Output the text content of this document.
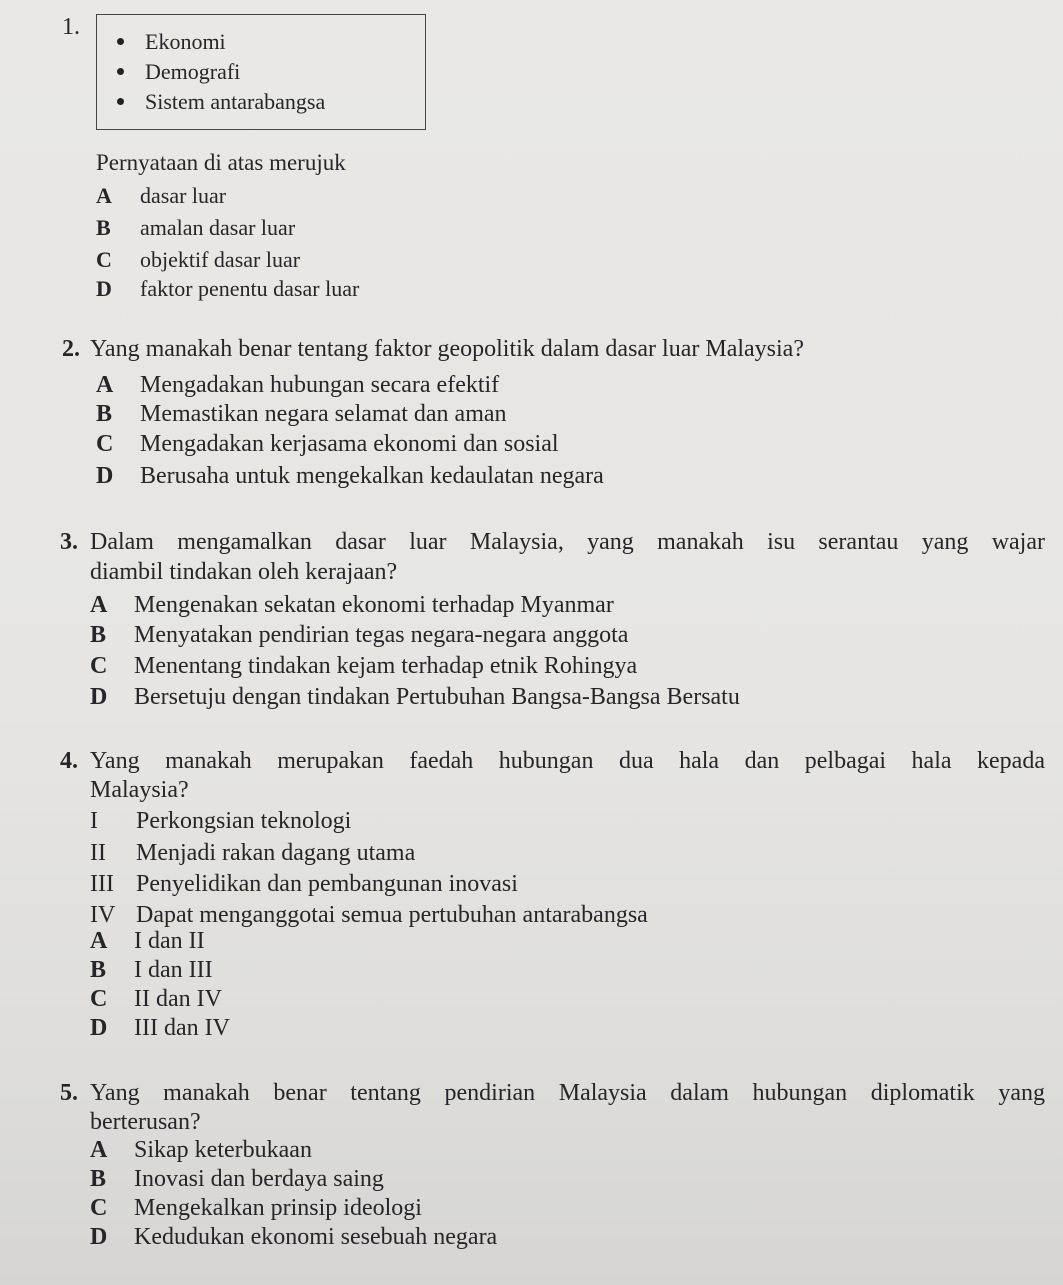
1.
Ekonomi
Demografi
Sistem antarabangsa
Pernyataan di atas merujuk
A dasar luar
B amalan dasar luar
C objektif dasar luar
D faktor penentu dasar luar
2. Yang manakah benar tentang faktor geopolitik dalam dasar luar Malaysia?
A Mengadakan hubungan secara efektif
B Memastikan negara selamat dan aman
C Mengadakan kerjasama ekonomi dan sosial
D Berusaha untuk mengekalkan kedaulatan negara
3. Dalam mengamalkan dasar luar Malaysia, yang manakah isu serantau yang wajar
diambil tindakan oleh kerajaan?
A Mengenakan sekatan ekonomi terhadap Myanmar
B Menyatakan pendirian tegas negara-negara anggota
C Menentang tindakan kejam terhadap etnik Rohingya
D Bersetuju dengan tindakan Pertubuhan Bangsa-Bangsa Bersatu
4. Yang manakah merupakan faedah hubungan dua hala dan pelbagai hala kepada
Malaysia?
I Perkongsian teknologi
II Menjadi rakan dagang utama
III Penyelidikan dan pembangunan inovasi
IV Dapat menganggotai semua pertubuhan antarabangsa
A I dan II
B I dan III
C II dan IV
D III dan IV
5. Yang manakah benar tentang pendirian Malaysia dalam hubungan diplomatik yang
berterusan?
A Sikap keterbukaan
B Inovasi dan berdaya saing
C Mengekalkan prinsip ideologi
D Kedudukan ekonomi sesebuah negara
